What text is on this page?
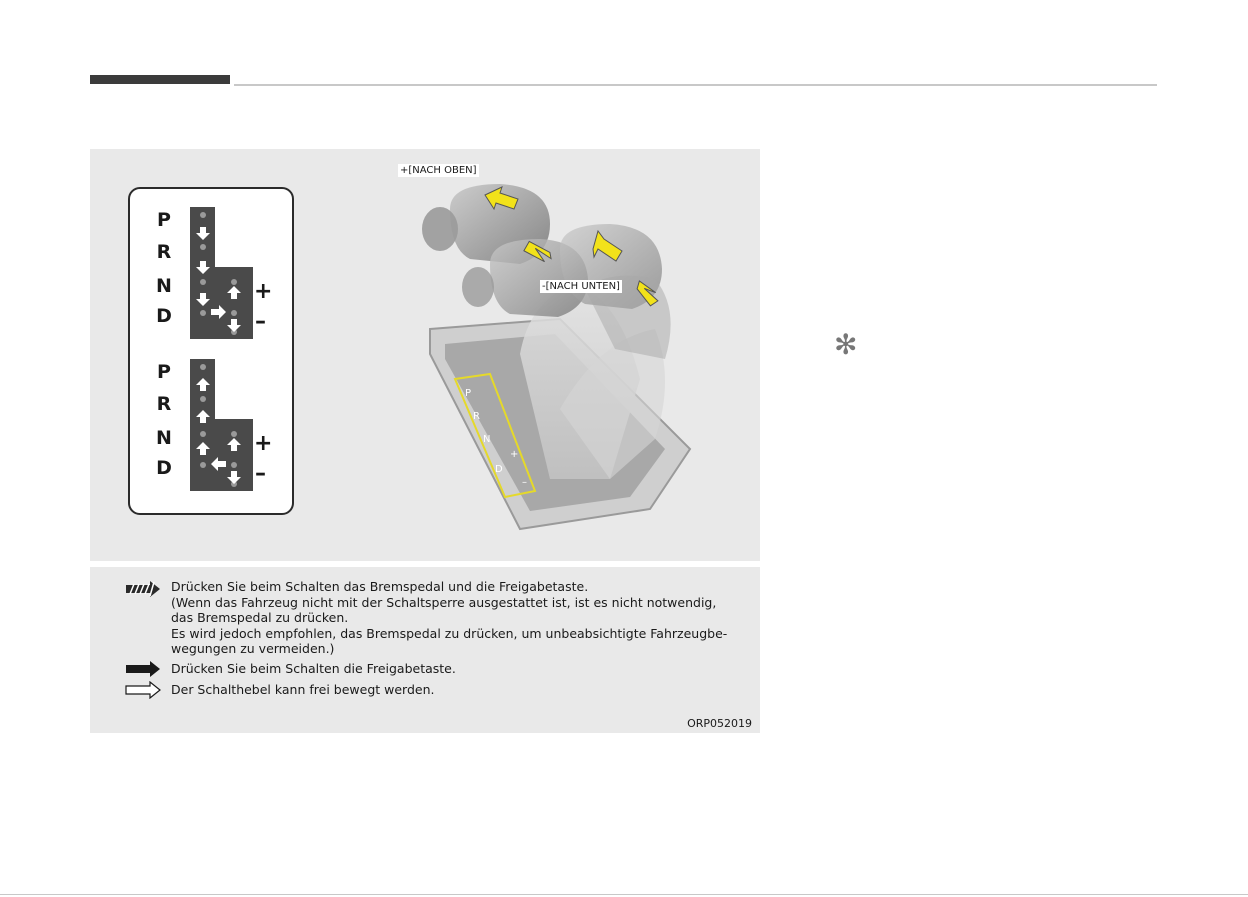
P
R
N
D
+
–
P
R
N
D
+
–
P
R
N
+
D
–
+[NACH OBEN]
-[NACH UNTEN]
Drücken Sie beim Schalten das Bremspedal und die Freigabetaste.
(Wenn das Fahrzeug nicht mit der Schaltsperre ausgestattet ist, ist es nicht notwendig,
das Bremspedal zu drücken.
Es wird jedoch empfohlen, das Bremspedal zu drücken, um unbeabsichtigte Fahrzeugbe-
wegungen zu vermeiden.)
Drücken Sie beim Schalten die Freigabetaste.
Der Schalthebel kann frei bewegt werden.
ORP052019
✻
